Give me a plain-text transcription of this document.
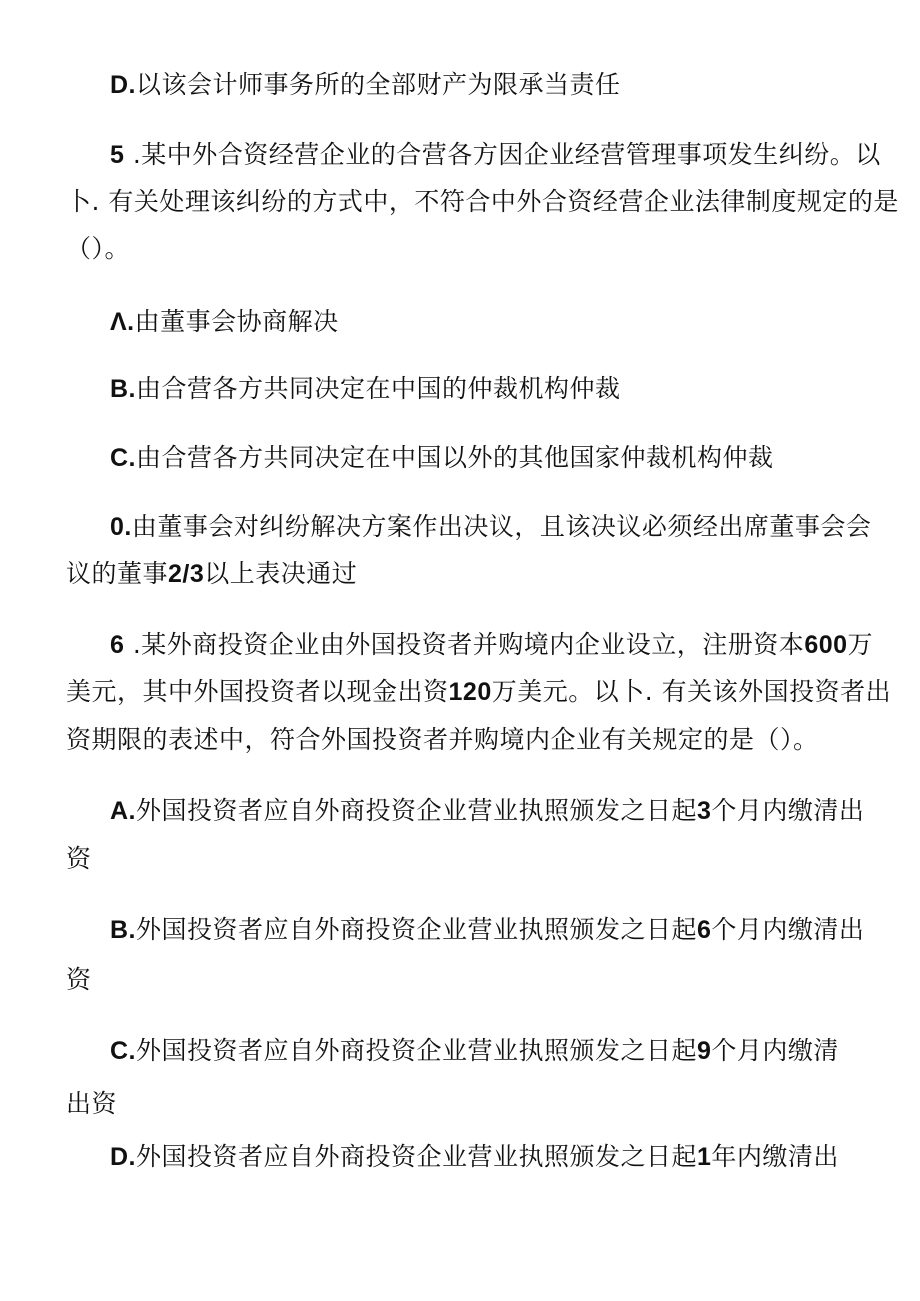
D.以该会计师事务所的全部财产为限承当责任
5 .某中外合资经营企业的合营各方因企业经营管理事项发生纠纷。以
卜. 有关处理该纠纷的方式中，不符合中外合资经营企业法律制度规定的是
（）。
Λ.由董事会协商解决
B.由合营各方共同决定在中国的仲裁机构仲裁
C.由合营各方共同决定在中国以外的其他国家仲裁机构仲裁
0.由董事会对纠纷解决方案作出决议，且该决议必须经出席董事会会
议的董事2/3以上表决通过
6 .某外商投资企业由外国投资者并购境内企业设立，注册资本600万
美元，其中外国投资者以现金出资120万美元。以卜. 有关该外国投资者出
资期限的表述中，符合外国投资者并购境内企业有关规定的是（）。
A.外国投资者应自外商投资企业营业执照颁发之日起3个月内缴清出
资
B.外国投资者应自外商投资企业营业执照颁发之日起6个月内缴清出
资
C.外国投资者应自外商投资企业营业执照颁发之日起9个月内缴清
出资
D.外国投资者应自外商投资企业营业执照颁发之日起1年内缴清出
